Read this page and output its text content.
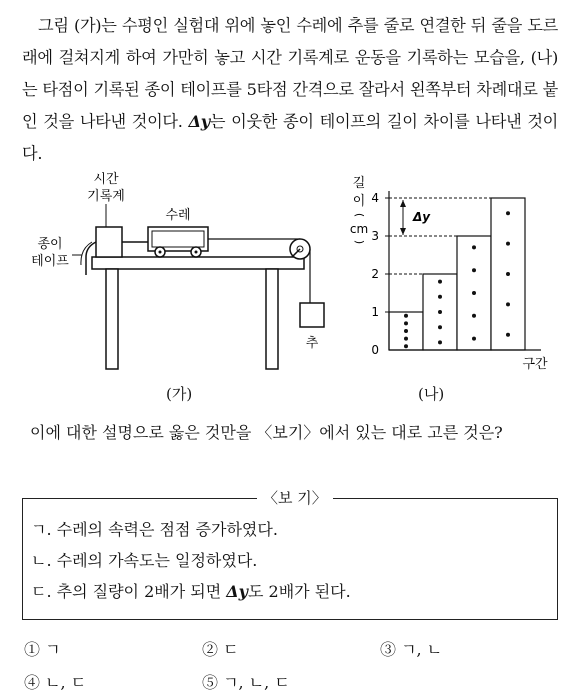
그림 (가)는 수평인 실험대 위에 놓인 수레에 추를 줄로 연결한 뒤 줄을 도르래에 걸쳐지게 하여 가만히 놓고 시간 기록계로 운동을 기록하는 모습을, (나)는 타점이 기록된 종이 테이프를 5타점 간격으로 잘라서 왼쪽부터 차례대로 붙인 것을 나타낸 것이다. Δy는 이웃한 종이 테이프의 길이 차이를 나타낸 것이다.
시간
기록계
수레
종이
테이프
추
(가)
길
이
(
cm
)
0
1
2
3
4
구간
Δy
(나)
이에 대한 설명으로 옳은 것만을 〈보기〉에서 있는 대로 고른 것은?
〈보 기〉
ㄱ. 수레의 속력은 점점 증가하였다.
ㄴ. 수레의 가속도는 일정하였다.
ㄷ. 추의 질량이 2배가 되면 Δy도 2배가 된다.
① ㄱ	② ㄷ	③ ㄱ, ㄴ
④ ㄴ, ㄷ	⑤ ㄱ, ㄴ, ㄷ
